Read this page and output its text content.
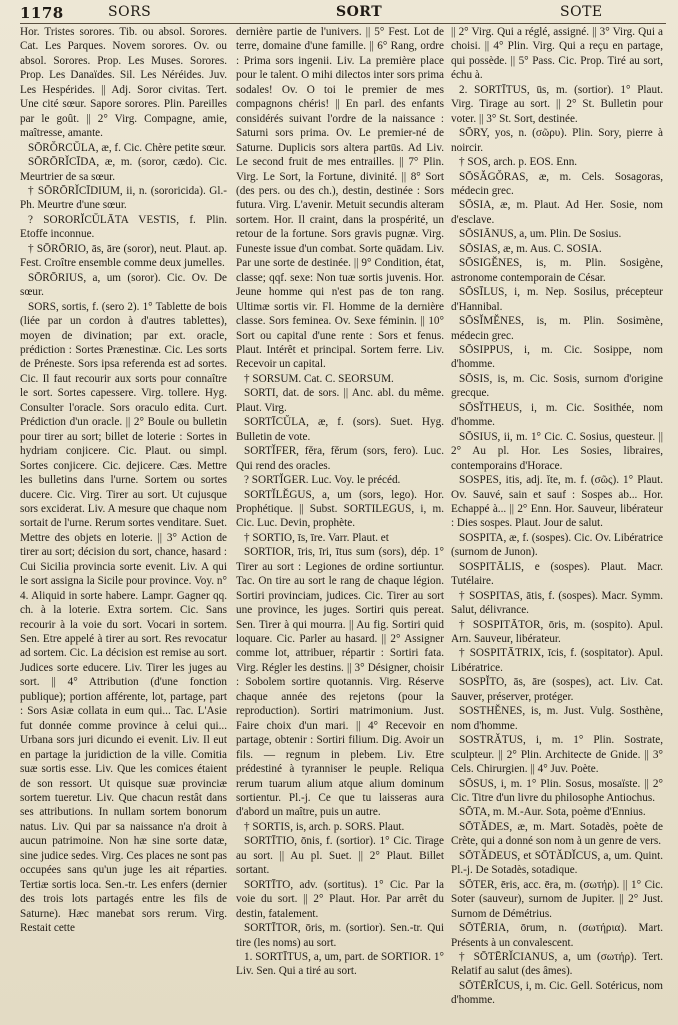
1178	SORS	SORT	SOTE

Hor. Tristes sorores. Tib. ou absol. Sorores. Cat. Les Parques. Novem sorores. Ov. ou absol. Sorores. Prop. Les Muses. Sorores. Prop. Les Danaïdes. Sil. Les Néréides. Juv. Les Hespérides. || Adj. Soror civitas. Tert. Une cité sœur. Sapore sorores. Plin. Pareilles par le goût. || 2° Virg. Compagne, amie, maîtresse, amante.

SŌRŎRCŬLA, æ, f. Cic. Chère petite sœur.

SŌRŌRĬCĪDA, æ, m. (soror, cædo). Cic. Meurtrier de sa sœur.

† SŌRŌRĬCĪDIUM, ii, n. (sororicida). Gl.-Ph. Meurtre d'une sœur.

? SORORĬCŬLĀTA VESTIS, f. Plin. Etoffe inconnue.

† SŌRŌRIO, ās, āre (soror), neut. Plaut. ap. Fest. Croître ensemble comme deux jumelles.

SŌRŌRIUS, a, um (soror). Cic. Ov. De sœur.

SORS, sortis, f. (sero 2). 1° Tablette de bois (liée par un cordon à d'autres tablettes), moyen de divination; par ext. oracle, prédiction : Sortes Prænestinæ. Cic. Les sorts de Préneste. Sors ipsa referenda est ad sortes. Cic. Il faut recourir aux sorts pour connaître le sort. Sortes capessere. Virg. tollere. Hyg. Consulter l'oracle. Sors oraculo edita. Curt. Prédiction d'un oracle. || 2° Boule ou bulletin pour tirer au sort; billet de loterie : Sortes in hydriam conjicere. Cic. Plaut. ou simpl. Sortes conjicere. Cic. dejicere. Cæs. Mettre les bulletins dans l'urne. Sortem ou sortes ducere. Cic. Virg. Tirer au sort. Ut cujusque sors exciderat. Liv. A mesure que chaque nom sortait de l'urne. Rerum sortes venditare. Suet. Mettre des objets en loterie. || 3° Action de tirer au sort; décision du sort, chance, hasard : Cui Sicilia provincia sorte evenit. Liv. A qui le sort assigna la Sicile pour province. Voy. n° 4. Aliquid in sorte habere. Lampr. Gagner qq. ch. à la loterie. Extra sortem. Cic. Sans recourir à la voie du sort. Vocari in sortem. Sen. Etre appelé à tirer au sort. Res revocatur ad sortem. Cic. La décision est remise au sort. Judices sorte educere. Liv. Tirer les juges au sort. || 4° Attribution (d'une fonction publique); portion afférente, lot, partage, part : Sors Asiæ collata in eum qui... Tac. L'Asie fut donnée comme province à celui qui... Urbana sors juri dicundo ei evenit. Liv. Il eut en partage la juridiction de la ville. Comitia suæ sortis esse. Liv. Que les comices étaient de son ressort. Ut quisque suæ provinciæ sortem tueretur. Liv. Que chacun restât dans ses attributions. In nullam sortem bonorum natus. Liv. Qui par sa naissance n'a droit à aucun patrimoine. Non hæ sine sorte datæ, sine judice sedes. Virg. Ces places ne sont pas occupées sans qu'un juge les ait réparties. Tertiæ sortis loca. Sen.-tr. Les enfers (dernier des trois lots partagés entre les fils de Saturne). Hæc manebat sors rerum. Virg. Restait cette

dernière partie de l'univers. || 5° Fest. Lot de terre, domaine d'une famille. || 6° Rang, ordre : Prima sors ingenii. Liv. La première place pour le talent. O mihi dilectos inter sors prima sodales! Ov. O toi le premier de mes compagnons chéris! || En parl. des enfants considérés suivant l'ordre de la naissance : Saturni sors prima. Ov. Le premier-né de Saturne. Duplicis sors altera partūs. Ad Liv. Le second fruit de mes entrailles. || 7° Plin. Virg. Le Sort, la Fortune, divinité. || 8° Sort (des pers. ou des ch.), destin, destinée : Sors futura. Virg. L'avenir. Metuit secundis alteram sortem. Hor. Il craint, dans la prospérité, un retour de la fortune. Sors gravis pugnæ. Virg. Funeste issue d'un combat. Sorte quādam. Liv. Par une sorte de destinée. || 9° Condition, état, classe; qqf. sexe: Non tuæ sortis juvenis. Hor. Jeune homme qui n'est pas de ton rang. Ultimæ sortis vir. Fl. Homme de la dernière classe. Sors feminea. Ov. Sexe féminin. || 10° Sort ou capital d'une rente : Sors et fenus. Plaut. Intérêt et principal. Sortem ferre. Liv. Recevoir un capital.

† SORSUM. Cat. C. SEORSUM.

SORTI, dat. de sors. || Anc. abl. du même. Plaut. Virg.

SORTĪCŬLA, æ, f. (sors). Suet. Hyg. Bulletin de vote.

SORTĬFER, fĕra, fĕrum (sors, fero). Luc. Qui rend des oracles.

? SORTĬGER. Luc. Voy. le précéd.

SORTĬLĔGUS, a, um (sors, lego). Hor. Prophétique. || Subst. SORTILEGUS, i, m. Cic. Luc. Devin, prophète.

† SORTIO, īs, īre. Varr. Plaut. et

SORTIOR, īris, īri, ītus sum (sors), dép. 1° Tirer au sort : Legiones de ordine sortiuntur. Tac. On tire au sort le rang de chaque légion. Sortiri provinciam, judices. Cic. Tirer au sort une province, les juges. Sortiri quis pereat. Sen. Tirer à qui mourra. || Au fig. Sortiri quid loquare. Cic. Parler au hasard. || 2° Assigner comme lot, attribuer, répartir : Sortiri fata. Virg. Régler les destins. || 3° Désigner, choisir : Sobolem sortire quotannis. Virg. Réserve chaque année des rejetons (pour la reproduction). Sortiri matrimonium. Just. Faire choix d'un mari. || 4° Recevoir en partage, obtenir : Sortiri filium. Dig. Avoir un fils. — regnum in plebem. Liv. Etre prédestiné à tyranniser le peuple. Reliqua rerum tuarum alium atque alium dominum sortientur. Pl.-j. Ce que tu laisseras aura d'abord un maître, puis un autre.

† SORTIS, is, arch. p. SORS. Plaut.

SORTĪTIO, ōnis, f. (sortior). 1° Cic. Tirage au sort. || Au pl. Suet. || 2° Plaut. Billet sortant.

SORTĪTO, adv. (sortitus). 1° Cic. Par la voie du sort. || 2° Plaut. Hor. Par arrêt du destin, fatalement.

SORTĪTOR, ōris, m. (sortior). Sen.-tr. Qui tire (les noms) au sort.

1. SORTĪTUS, a, um, part. de SORTIOR. 1° Liv. Sen. Qui a tiré au sort.

|| 2° Virg. Qui a réglé, assigné. || 3° Virg. Qui a choisi. || 4° Plin. Virg. Qui a reçu en partage, qui possède. || 5° Pass. Cic. Prop. Tiré au sort, échu à.

2. SORTĪTUS, ūs, m. (sortior). 1° Plaut. Virg. Tirage au sort. || 2° St. Bulletin pour voter. || 3° St. Sort, destinée.

SŌRY, yos, n. (σῶρυ). Plin. Sory, pierre à noircir.

† SOS, arch. p. EOS. Enn.

SŌSĂGŎRAS, æ, m. Cels. Sosagoras, médecin grec.

SŌSIA, æ, m. Plaut. Ad Her. Sosie, nom d'esclave.

SŌSIĀNUS, a, um. Plin. De Sosius.

SŌSIAS, æ, m. Aus. C. SOSIA.

SŌSIGĔNES, is, m. Plin. Sosigène, astronome contemporain de César.

SŌSĪLUS, i, m. Nep. Sosilus, précepteur d'Hannibal.

SŌSĬMĔNES, is, m. Plin. Sosimène, médecin grec.

SŌSIPPUS, i, m. Cic. Sosippe, nom d'homme.

SŌSIS, is, m. Cic. Sosis, surnom d'origine grecque.

SŌSĬTHEUS, i, m. Cic. Sosithée, nom d'homme.

SŌSIUS, ii, m. 1° Cic. C. Sosius, questeur. || 2° Au pl. Hor. Les Sosies, libraires, contemporains d'Horace.

SOSPES, itis, adj. ĭte, m. f. (σῶς). 1° Plaut. Ov. Sauvé, sain et sauf : Sospes ab... Hor. Echappé à... || 2° Enn. Hor. Sauveur, libérateur : Dies sospes. Plaut. Jour de salut.

SOSPITA, æ, f. (sospes). Cic. Ov. Libératrice (surnom de Junon).

SOSPITĀLIS, e (sospes). Plaut. Macr. Tutélaire.

† SOSPITAS, ātis, f. (sospes). Macr. Symm. Salut, délivrance.

† SOSPITĀTOR, ōris, m. (sospito). Apul. Arn. Sauveur, libérateur.

† SOSPITĀTRIX, īcis, f. (sospitator). Apul. Libératrice.

SOSPĬTO, ās, āre (sospes), act. Liv. Cat. Sauver, préserver, protéger.

SOSTHĔNES, is, m. Just. Vulg. Sosthène, nom d'homme.

SOSTRĂTUS, i, m. 1° Plin. Sostrate, sculpteur. || 2° Plin. Architecte de Gnide. || 3° Cels. Chirurgien. || 4° Juv. Poète.

SŌSUS, i, m. 1° Plin. Sosus, mosaïste. || 2° Cic. Titre d'un livre du philosophe Antiochus.

SŌTA, m. M.-Aur. Sota, poème d'Ennius.

SŌTĂDES, æ, m. Mart. Sotadès, poète de Crète, qui a donné son nom à un genre de vers.

SŌTĂDEUS, et SŌTĂDĬCUS, a, um. Quint. Pl.-j. De Sotadès, sotadique.

SŌTER, ēris, acc. ēra, m. (σωτήρ). || 1° Cic. Soter (sauveur), surnom de Jupiter. || 2° Just. Surnom de Démétrius.

SŌTĒRIA, ōrum, n. (σωτήρια). Mart. Présents à un convalescent.

† SŌTĒRĬCIANUS, a, um (σωτήρ). Tert. Relatif au salut (des âmes).

SŌTĒRĬCUS, i, m. Cic. Gell. Sotéricus, nom d'homme.
